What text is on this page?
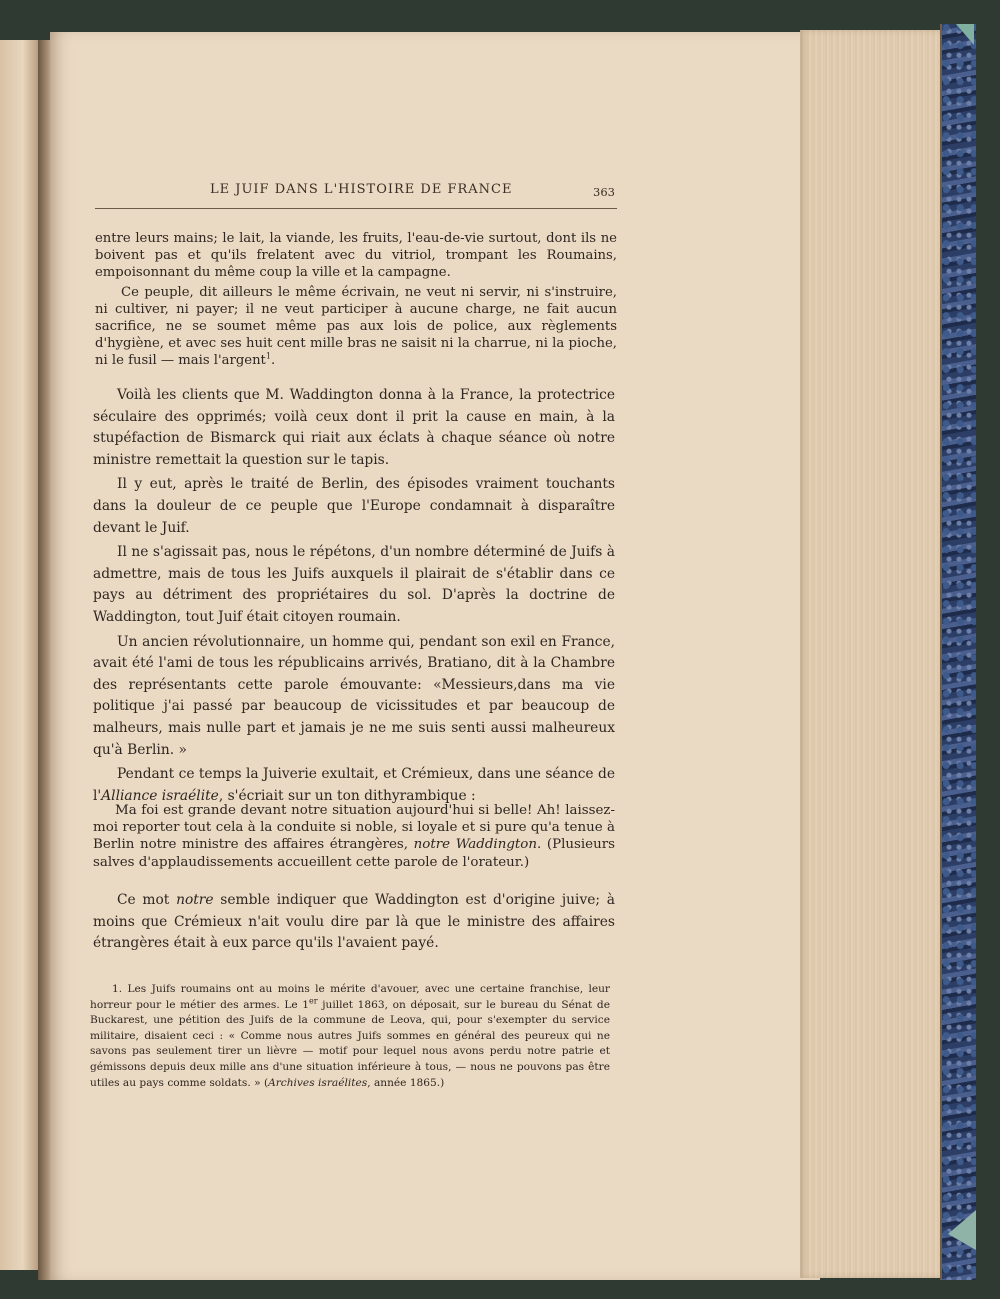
LE JUIF DANS L'HISTOIRE DE FRANCE	363

entre leurs mains; le lait, la viande, les fruits, l'eau-de-vie surtout, dont ils ne boivent pas et qu'ils frelatent avec du vitriol, trompant les Roumains, empoisonnant du même coup la ville et la campagne.

Ce peuple, dit ailleurs le même écrivain, ne veut ni servir, ni s'instruire, ni cultiver, ni payer; il ne veut participer à aucune charge, ne fait aucun sacrifice, ne se soumet même pas aux lois de police, aux règlements d'hygiène, et avec ses huit cent mille bras ne saisit ni la charrue, ni la pioche, ni le fusil — mais l'argent$^1$.

Voilà les clients que M. Waddington donna à la France, la protectrice séculaire des opprimés; voilà ceux dont il prit la cause en main, à la stupéfaction de Bismarck qui riait aux éclats à chaque séance où notre ministre remettait la question sur le tapis.

Il y eut, après le traité de Berlin, des épisodes vraiment touchants dans la douleur de ce peuple que l'Europe condamnait à disparaître devant le Juif.

Il ne s'agissait pas, nous le répétons, d'un nombre déterminé de Juifs à admettre, mais de tous les Juifs auxquels il plairait de s'établir dans ce pays au détriment des propriétaires du sol. D'après la doctrine de Waddington, tout Juif était citoyen roumain.

Un ancien révolutionnaire, un homme qui, pendant son exil en France, avait été l'ami de tous les républicains arrivés, Bratiano, dit à la Chambre des représentants cette parole émouvante: «Messieurs,dans ma vie politique j'ai passé par beaucoup de vicissitudes et par beaucoup de malheurs, mais nulle part et jamais je ne me suis senti aussi malheureux qu'à Berlin. »

Pendant ce temps la Juiverie exultait, et Crémieux, dans une séance de l'Alliance israélite, s'écriait sur un ton dithyrambique :

Ma foi est grande devant notre situation aujourd'hui si belle! Ah! laissez-moi reporter tout cela à la conduite si noble, si loyale et si pure qu'a tenue à Berlin notre ministre des affaires étrangères, notre Waddington. (Plusieurs salves d'applaudissements accueillent cette parole de l'orateur.)

Ce mot notre semble indiquer que Waddington est d'origine juive; à moins que Crémieux n'ait voulu dire par là que le ministre des affaires étrangères était à eux parce qu'ils l'avaient payé.

1. Les Juifs roumains ont au moins le mérite d'avouer, avec une certaine franchise, leur horreur pour le métier des armes. Le 1er juillet 1863, on déposait, sur le bureau du Sénat de Buckarest, une pétition des Juifs de la commune de Leova, qui, pour s'exempter du service militaire, disaient ceci : « Comme nous autres Juifs sommes en général des peureux qui ne savons pas seulement tirer un lièvre — motif pour lequel nous avons perdu notre patrie et gémissons depuis deux mille ans d'une situation inférieure à tous, — nous ne pouvons pas être utiles au pays comme soldats. » (Archives israélites, année 1865.)
